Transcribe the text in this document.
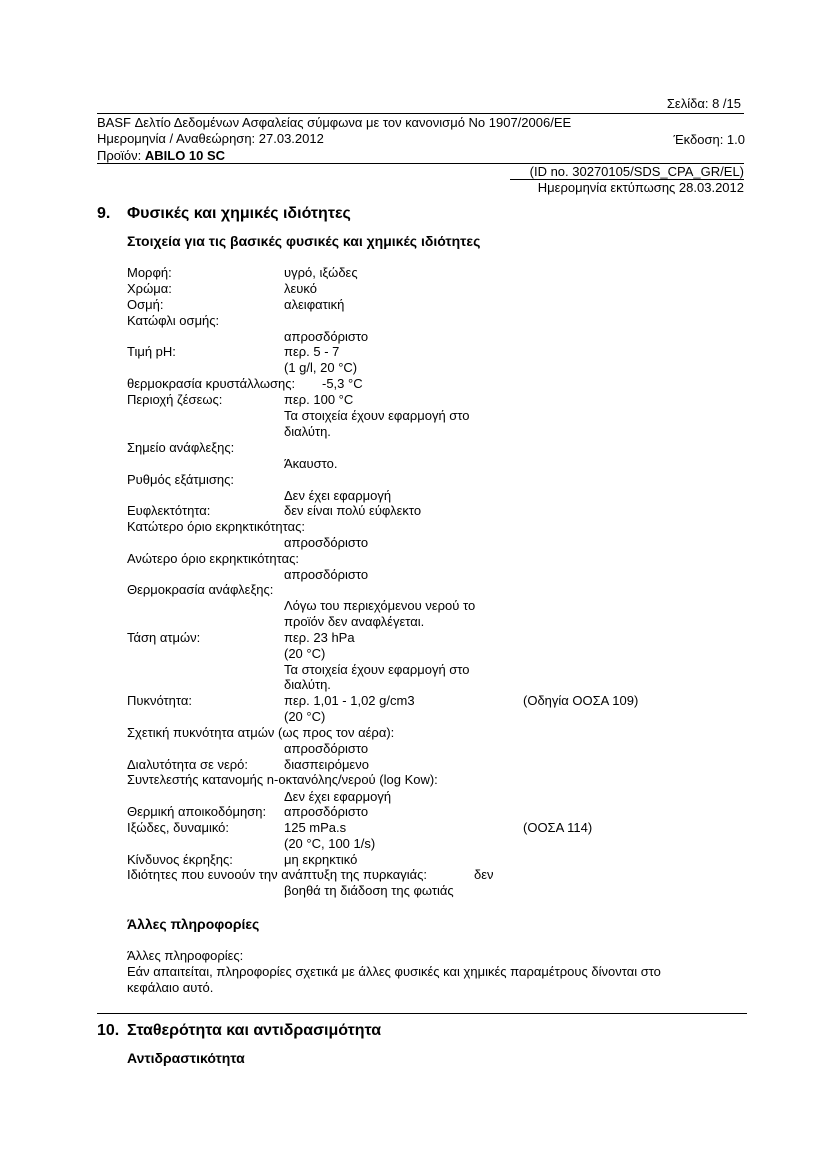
Σελίδα: 8 /15
BASF Δελτίο Δεδομένων Ασφαλείας σύμφωνα με τον κανονισμό Νο 1907/2006/ΕΕ
Ημερομηνία / Αναθεώρηση: 27.03.2012	Έκδοση: 1.0
Προϊόν: ABILO 10 SC
(ID no. 30270105/SDS_CPA_GR/EL)
Ημερομηνία εκτύπωσης 28.03.2012
9. Φυσικές και χημικές ιδιότητες
Στοιχεία για τις βασικές φυσικές και χημικές ιδιότητες
Μορφή:	υγρό, ιξώδες
Χρώμα:	λευκό
Οσμή:	αλειφατική
Κατώφλι οσμής:
απροσδόριστο
Τιμή pH:	περ. 5 - 7
(1 g/l, 20 °C)
θερμοκρασία κρυστάλλωσης: -5,3 °C
Περιοχή ζέσεως:	περ. 100 °C
Τα στοιχεία έχουν εφαρμογή στο
διαλύτη.
Σημείο ανάφλεξης:
Άκαυστο.
Ρυθμός εξάτμισης:
Δεν έχει εφαρμογή
Ευφλεκτότητα:	δεν είναι πολύ εύφλεκτο
Κατώτερο όριο εκρηκτικότητας:
απροσδόριστο
Ανώτερο όριο εκρηκτικότητας:
απροσδόριστο
Θερμοκρασία ανάφλεξης:
Λόγω του περιεχόμενου νερού το
προϊόν δεν αναφλέγεται.
Τάση ατμών:	περ. 23 hPa
(20 °C)
Τα στοιχεία έχουν εφαρμογή στο
διαλύτη.
Πυκνότητα:	περ. 1,01 - 1,02 g/cm3	(Οδηγία ΟΟΣΑ 109)
(20 °C)
Σχετική πυκνότητα ατμών (ως προς τον αέρα):
απροσδόριστο
Διαλυτότητα σε νερό:	διασπειρόμενο
Συντελεστής κατανομής n-οκτανόλης/νερού (log Kow):
Δεν έχει εφαρμογή
Θερμική αποικοδόμηση: απροσδόριστο
Ιξώδες, δυναμικό:	125 mPa.s	(ΟΟΣΑ 114)
(20 °C, 100 1/s)
Κίνδυνος έκρηξης:	μη εκρηκτικό
Ιδιότητες που ευνοούν την ανάπτυξη της πυρκαγιάς:	δεν
βοηθά τη διάδοση της φωτιάς
Άλλες πληροφορίες
Άλλες πληροφορίες:
Εάν απαιτείται, πληροφορίες σχετικά με άλλες φυσικές και χημικές παραμέτρους δίνονται στο
κεφάλαιο αυτό.
10. Σταθερότητα και αντιδρασιμότητα
Αντιδραστικότητα
